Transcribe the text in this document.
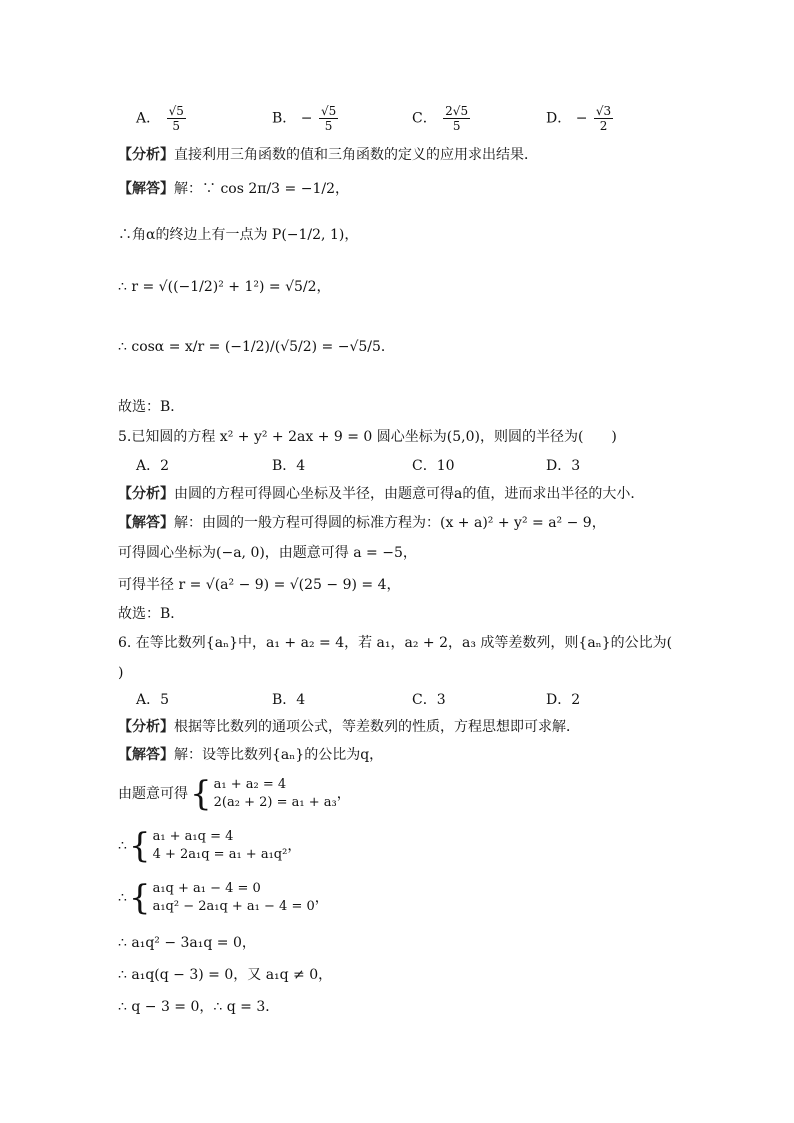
A． $\frac{√5}{5}$	B． − $\frac{√5}{5}$	C． $\frac{2√5}{5}$	D． − $\frac{√3}{2}$
【分析】直接利用三角函数的值和三角函数的定义的应用求出结果．
【解答】解：∵ cos 2π/3 = −1/2，
∴角α的终边上有一点为 P(−1/2, 1)，
∴ r = √((−1/2)² + 1²) = √5/2，
∴ cosα = x/r = (−1/2)/(√5/2) = −√5/5．
故选：B．
5.已知圆的方程 x² + y² + 2ax + 9 = 0 圆心坐标为(5,0)，则圆的半径为(　　)
A．2	B．4	C．10	D．3
【分析】由圆的方程可得圆心坐标及半径，由题意可得a的值，进而求出半径的大小．
【解答】解：由圆的一般方程可得圆的标准方程为：(x + a)² + y² = a² − 9，
可得圆心坐标为(−a, 0)，由题意可得 a = −5，
可得半径 r = √(a² − 9) = √(25 − 9) = 4，
故选：B．
6. 在等比数列{aₙ}中，a₁ + a₂ = 4，若 a₁，a₂ + 2，a₃ 成等差数列，则{aₙ}的公比为(
)
A．5	B．4	C．3	D．2
【分析】根据等比数列的通项公式，等差数列的性质，方程思想即可求解．
【解答】解：设等比数列{aₙ}的公比为q，
由题意可得 { a₁ + a₂ = 4
2(a₂ + 2) = a₁ + a₃
，
∴ { a₁ + a₁q = 4
4 + 2a₁q = a₁ + a₁q²
，
∴ { a₁q + a₁ − 4 = 0
a₁q² − 2a₁q + a₁ − 4 = 0
，
∴ a₁q² − 3a₁q = 0，
∴ a₁q(q − 3) = 0，又 a₁q ≠ 0，
∴ q − 3 = 0，∴ q = 3．
